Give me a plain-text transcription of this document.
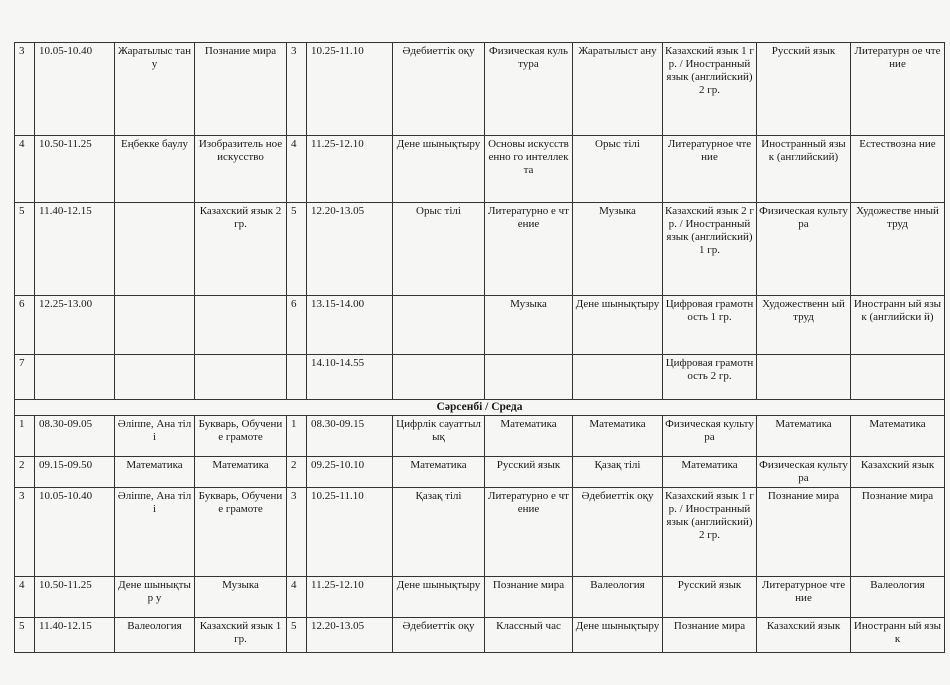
3	10.05-10.40	Жаратылыс тану	Познание мира	3	10.25-11.10	Әдебиеттік оқу	Физическая культура	Жаратылыст ану	Казахский язык 1 гр. / Иностранный язык (английский) 2 гр.	Русский язык	Литературн ое чтение
4	10.50-11.25	Еңбекке баулу	Изобразитель ное искусство	4	11.25-12.10	Дене шынықтыру	Основы искусственно го интеллекта	Орыс тілі	Литературное чтение	Иностранный язык (английский)	Естествозна ние
5	11.40-12.15		Казахский язык 2 гр.	5	12.20-13.05	Орыс тілі	Литературно е чтение	Музыка	Казахский язык 2 гр. / Иностранный язык (английский) 1 гр.	Физическая культура	Художестве нный труд
6	12.25-13.00			6	13.15-14.00		Музыка	Дене шынықтыру	Цифровая грамотность 1 гр.	Художественн ый труд	Иностранн ый язык (английски й)
7					14.10-14.55				Цифровая грамотность 2 гр.		
Сәрсенбі / Среда											
1	08.30-09.05	Әліппе, Ана тілі	Букварь, Обучение грамоте	1	08.30-09.15	Цифрлік сауаттылық	Математика	Математика	Физическая культура	Математика	Математика
2	09.15-09.50	Математика	Математика	2	09.25-10.10	Математика	Русский язык	Қазақ тілі	Математика	Физическая культура	Казахский язык
3	10.05-10.40	Әліппе, Ана тілі	Букварь, Обучение грамоте	3	10.25-11.10	Қазақ тілі	Литературно е чтение	Әдебиеттік оқу	Казахский язык 1 гр. / Иностранный язык (английский) 2 гр.	Познание мира	Познание мира
4	10.50-11.25	Дене шынықтыр у	Музыка	4	11.25-12.10	Дене шынықтыру	Познание мира	Валеология	Русский язык	Литературное чтение	Валеология
5	11.40-12.15	Валеология	Казахский язык 1 гр.	5	12.20-13.05	Әдебиеттік оқу	Классный час	Дене шынықтыру	Познание мира	Казахский язык	Иностранн ый язык
